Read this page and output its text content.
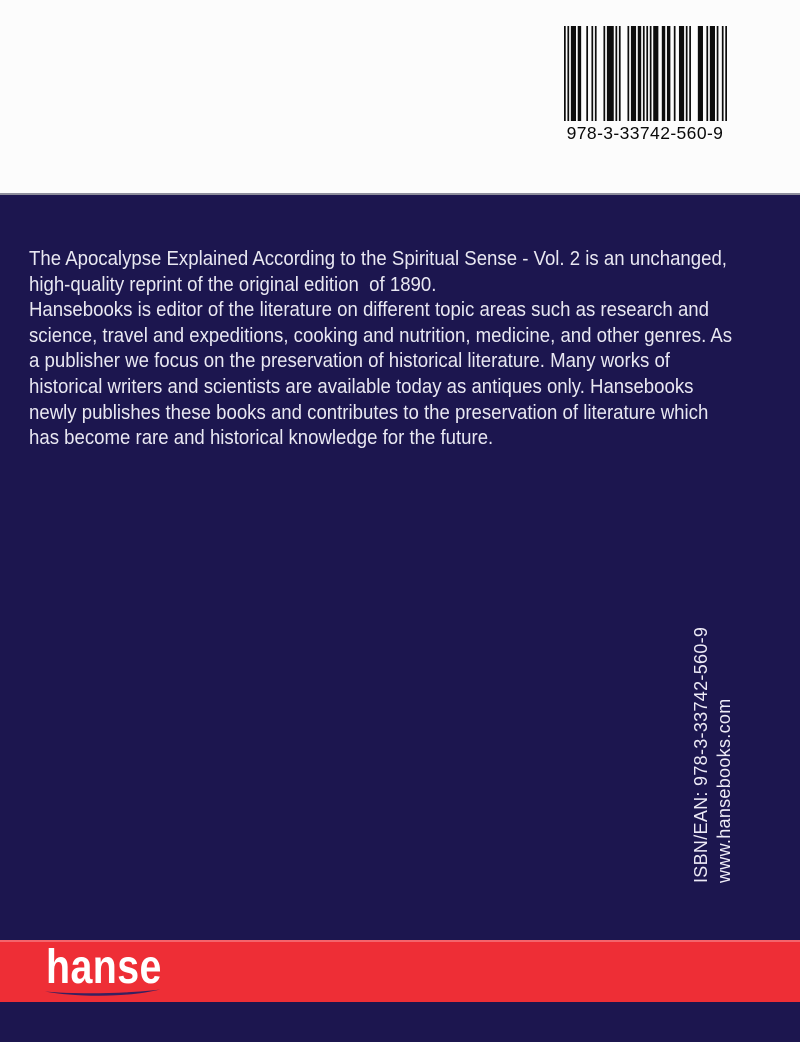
978-3-33742-560-9
The Apocalypse Explained According to the Spiritual Sense - Vol. 2 is an unchanged,
high-quality reprint of the original edition  of 1890.
Hansebooks is editor of the literature on different topic areas such as research and
science, travel and expeditions, cooking and nutrition, medicine, and other genres. As
a publisher we focus on the preservation of historical literature. Many works of
historical writers and scientists are available today as antiques only. Hansebooks
newly publishes these books and contributes to the preservation of literature which
has become rare and historical knowledge for the future.
ISBN/EAN: 978-3-33742-560-9 www.hansebooks.com
hanse
